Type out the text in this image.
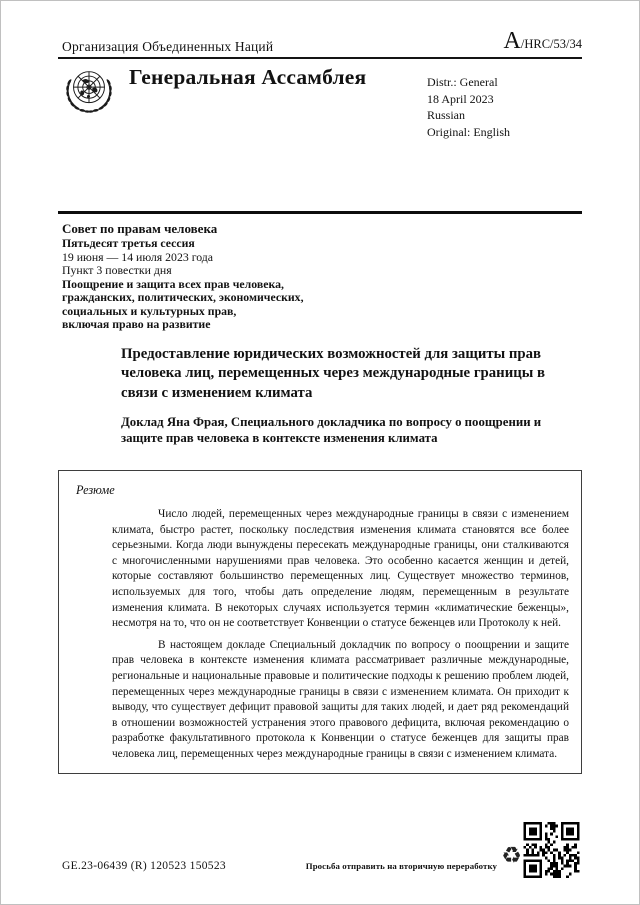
Организация Объединенных Наций	A /HRC/53/34
Генеральная Ассамблея	Distr.: General
18 April 2023
Russian
Original: English
Совет по правам человека
Пятьдесят третья сессия
19 июня — 14 июля 2023 года
Пункт 3 повестки дня
Поощрение и защита всех прав человека,
гражданских, политических, экономических,
социальных и культурных прав,
включая право на развитие
Предоставление юридических возможностей для защиты прав человека лиц, перемещенных через международные границы в связи с изменением климата
Доклад Яна Фрая, Специального докладчика по вопросу о поощрении и защите прав человека в контексте изменения климата
Резюме

Число людей, перемещенных через международные границы в связи с изменением климата, быстро растет, поскольку последствия изменения климата становятся все более серьезными. Когда люди вынуждены пересекать международные границы, они сталкиваются с многочисленными нарушениями прав человека. Это особенно касается женщин и детей, которые составляют большинство перемещенных лиц. Существует множество терминов, используемых для того, чтобы дать определение людям, перемещенным в результате изменения климата. В некоторых случаях используется термин «климатические беженцы», несмотря на то, что он не соответствует Конвенции о статусе беженцев или Протоколу к ней.

В настоящем докладе Специальный докладчик по вопросу о поощрении и защите прав человека в контексте изменения климата рассматривает различные международные, региональные и национальные правовые и политические подходы к решению проблем людей, перемещенных через международные границы в связи с изменением климата. Он приходит к выводу, что существует дефицит правовой защиты для таких людей, и дает ряд рекомендаций в отношении возможностей устранения этого правового дефицита, включая рекомендацию о разработке факультативного протокола к Конвенции о статусе беженцев для защиты прав человека лиц, перемещенных через международные границы в связи с изменением климата.

GE.23-06439 (R) 120523 150523	Просьба отправить на вторичную переработку ♻
